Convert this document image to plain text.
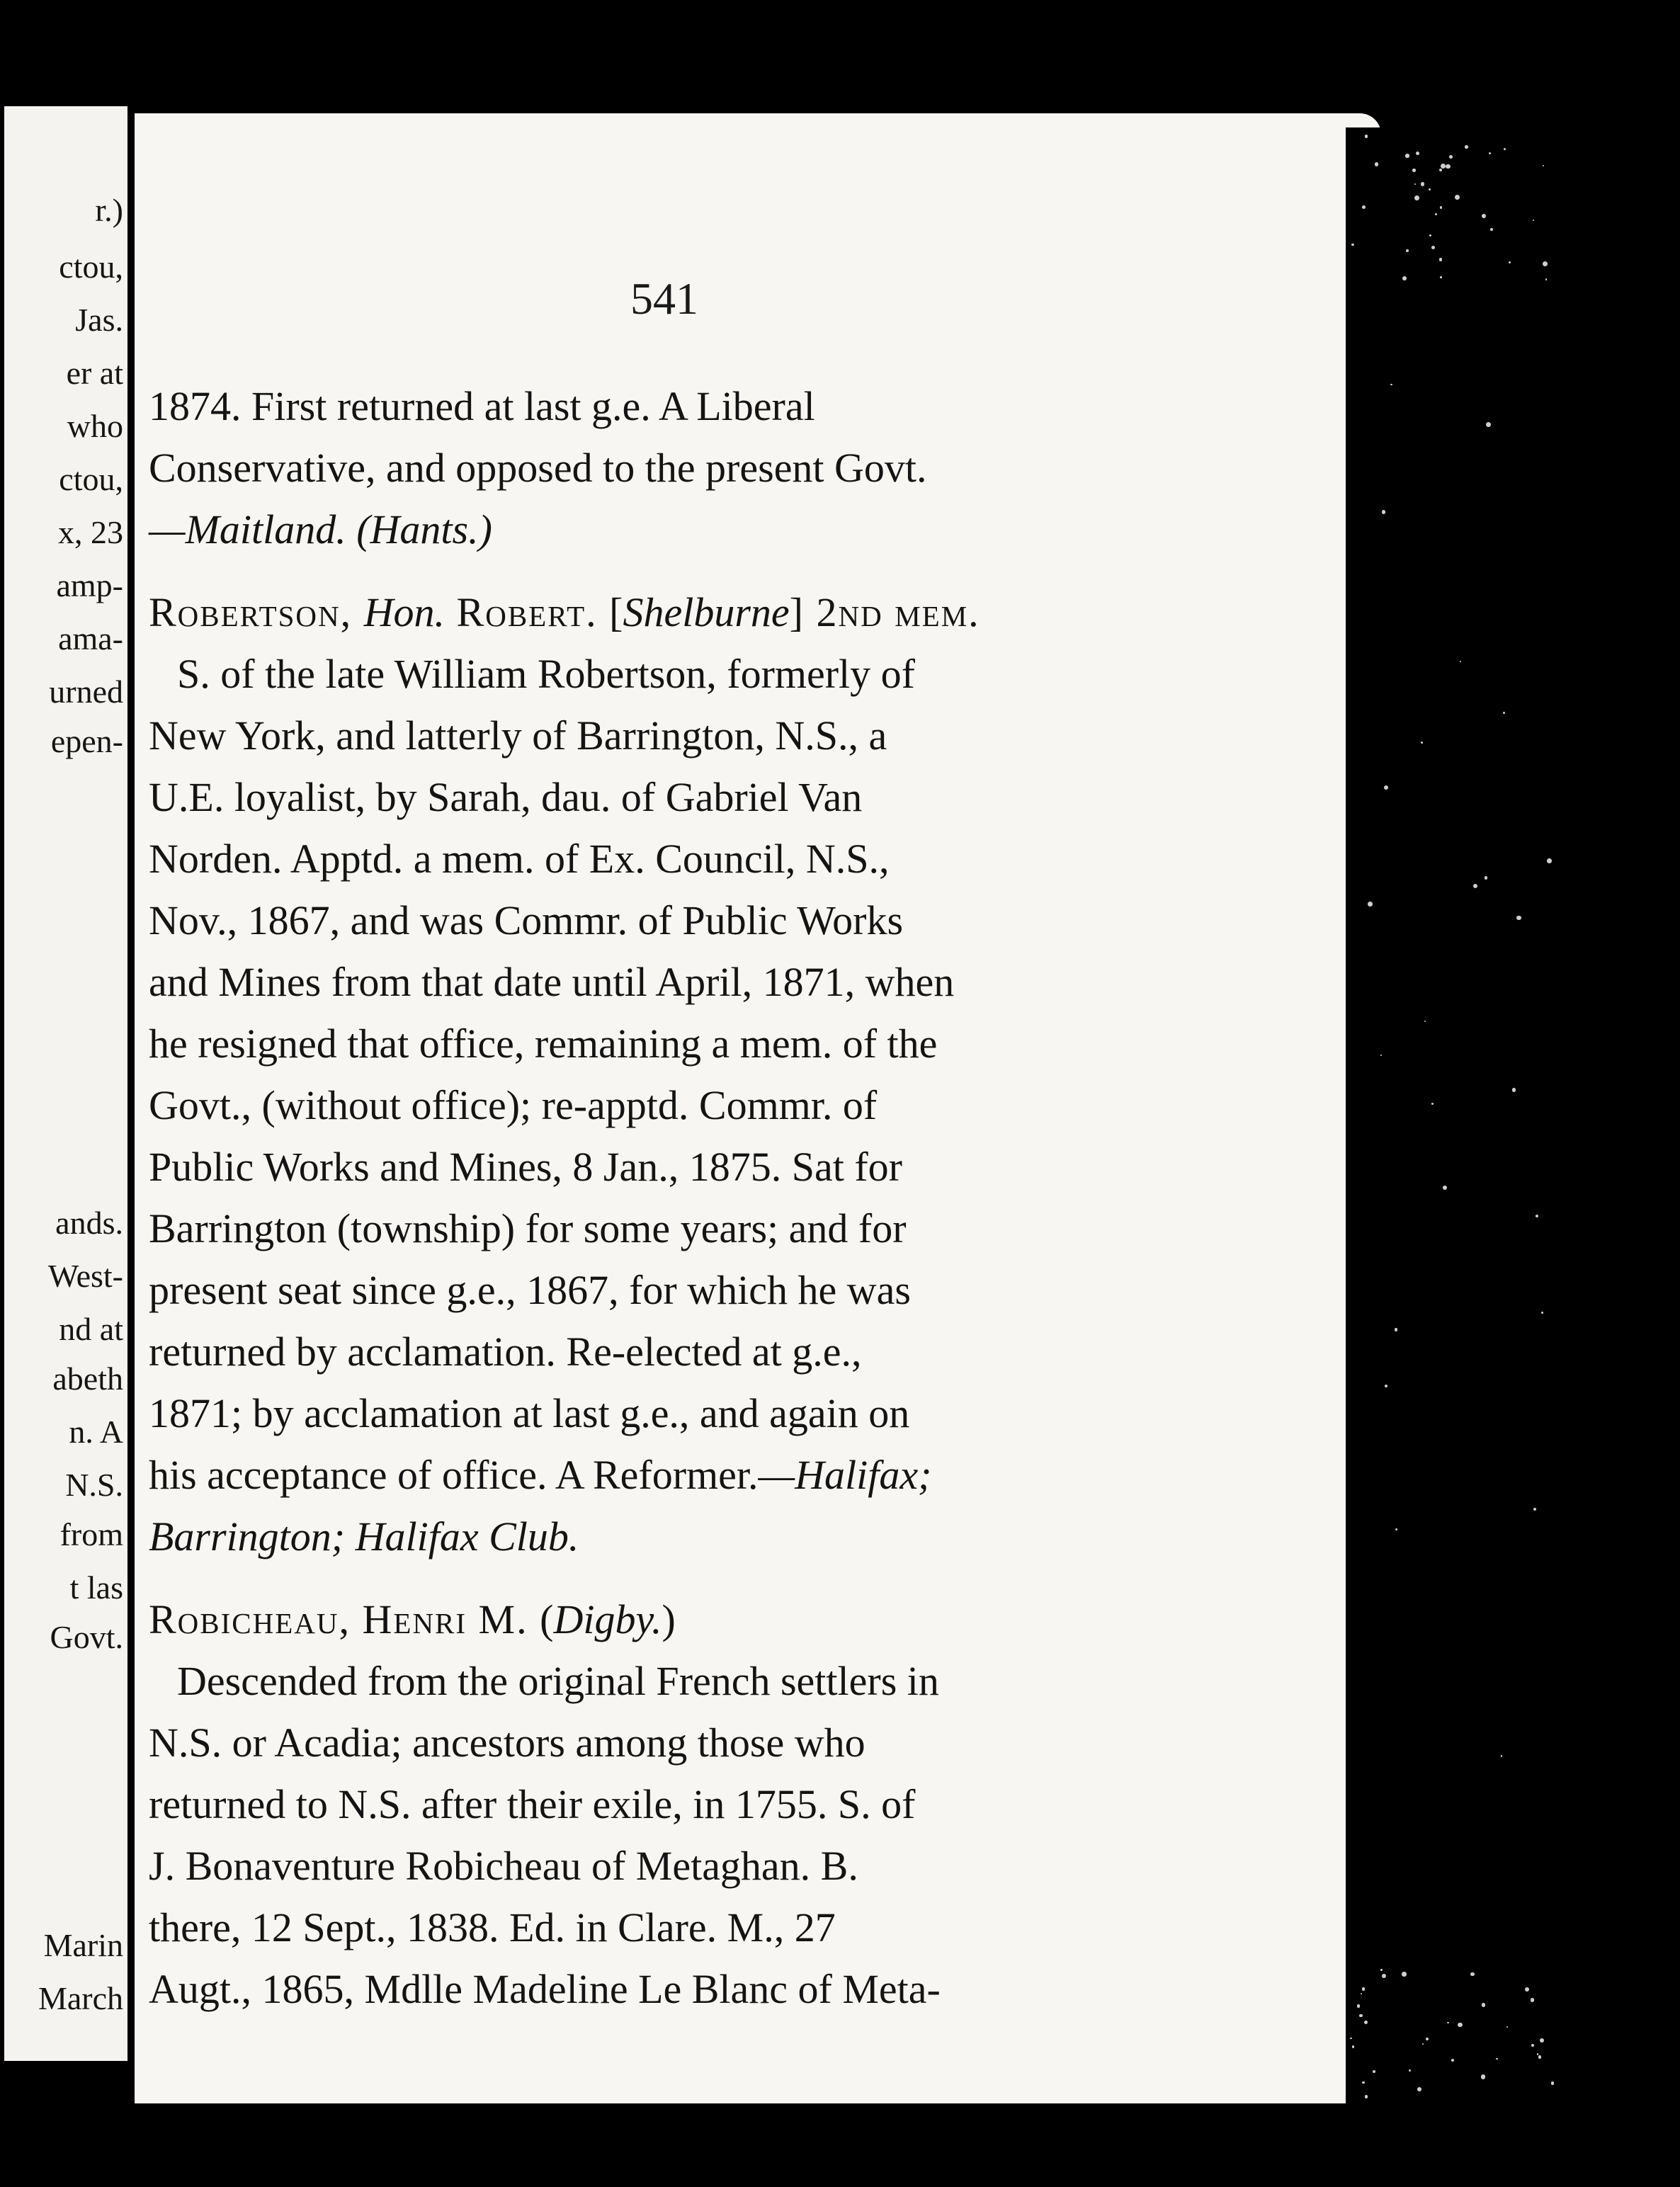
r.)
ctou,
Jas.
er at
who
ctou,
x, 23
amp-
ama-
urned
epen-
ands.
West-
nd at
abeth
n. A
N.S.
from
t las
Govt.
Marin
March
541
1874. First returned at last g.e. A Liberal
Conservative, and opposed to the present Govt.
—Maitland. (Hants.)
Robertson, Hon. Robert. [Shelburne] 2nd mem.
S. of the late William Robertson, formerly of
New York, and latterly of Barrington, N.S., a
U.E. loyalist, by Sarah, dau. of Gabriel Van
Norden. Apptd. a mem. of Ex. Council, N.S.,
Nov., 1867, and was Commr. of Public Works
and Mines from that date until April, 1871, when
he resigned that office, remaining a mem. of the
Govt., (without office); re-apptd. Commr. of
Public Works and Mines, 8 Jan., 1875. Sat for
Barrington (township) for some years; and for
present seat since g.e., 1867, for which he was
returned by acclamation. Re-elected at g.e.,
1871; by acclamation at last g.e., and again on
his acceptance of office. A Reformer.—Halifax;
Barrington; Halifax Club.
Robicheau, Henri M. (Digby.)
Descended from the original French settlers in
N.S. or Acadia; ancestors among those who
returned to N.S. after their exile, in 1755. S. of
J. Bonaventure Robicheau of Metaghan. B.
there, 12 Sept., 1838. Ed. in Clare. M., 27
Augt., 1865, Mdlle Madeline Le Blanc of Meta-
